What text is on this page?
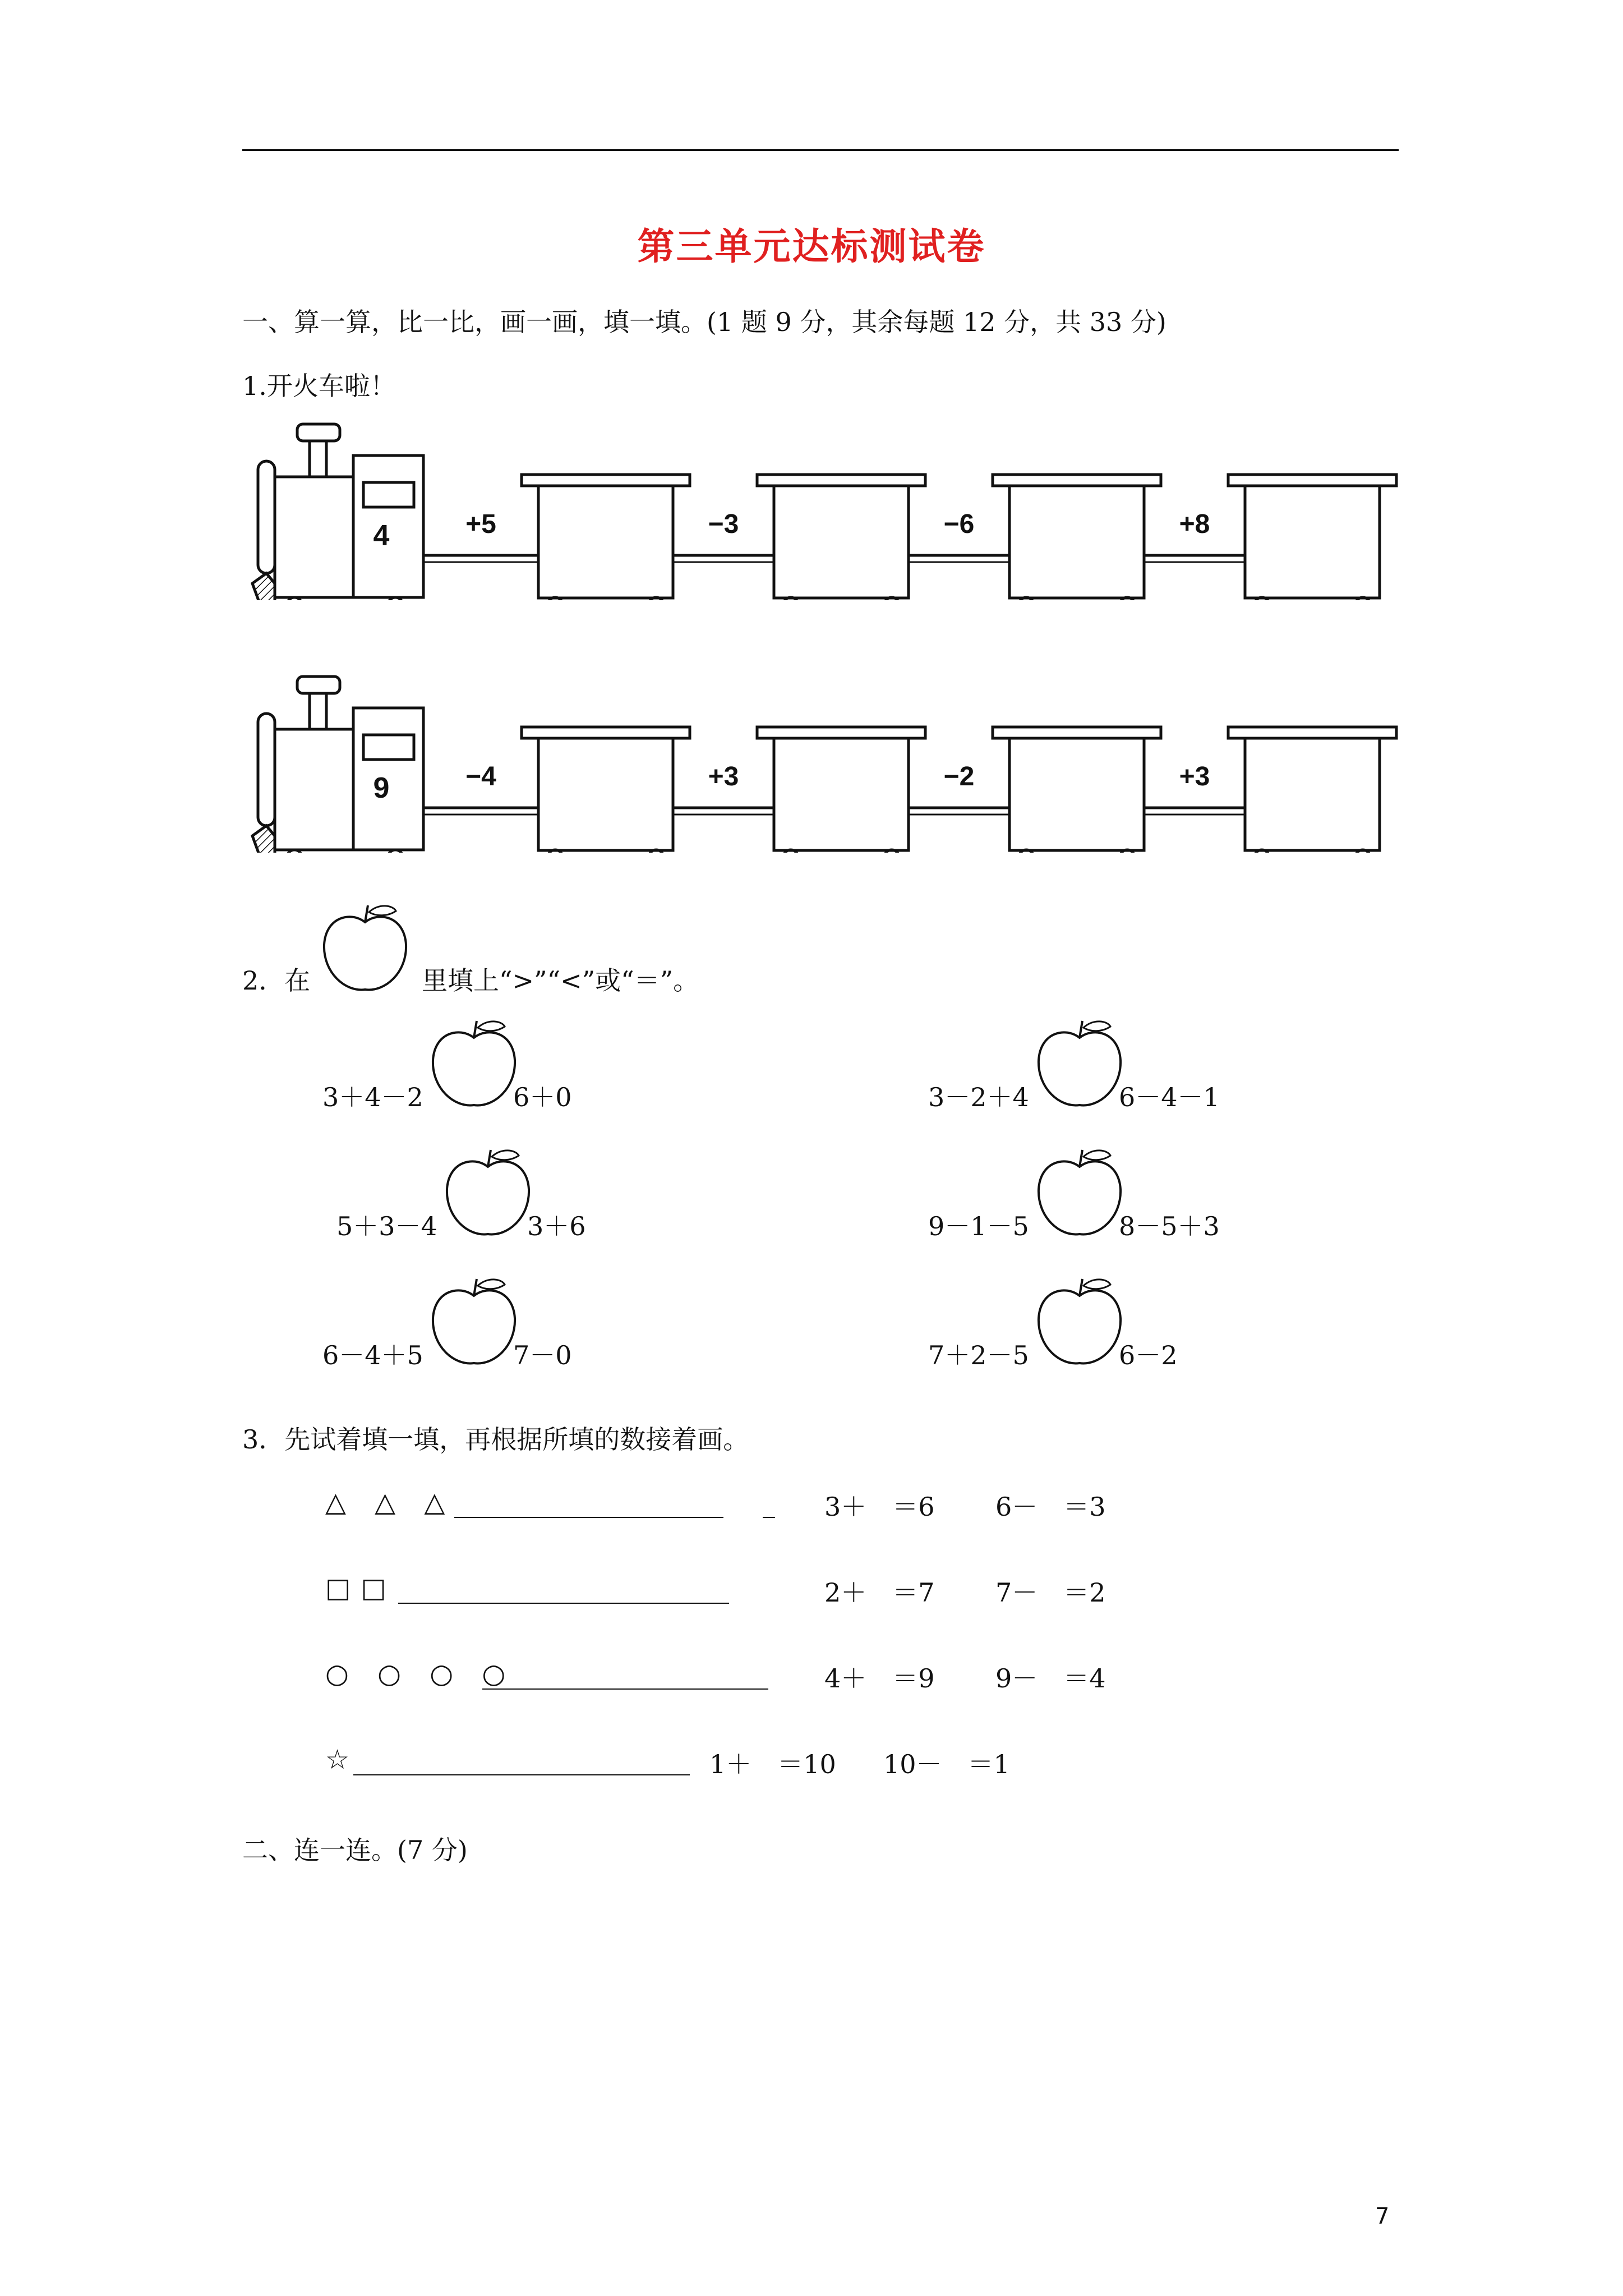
第三单元达标测试卷
一、算一算，比一比，画一画，填一填。(1 题 9 分，其余每题 12 分，共 33 分)
1.开火车啦！
4	+5	−3	−6	+8
9	−4	+3	−2	+3
2．在	里填上“>”“<”或“＝”。
3＋4－2	6＋0	3－2＋4	6－4－1
5＋3－4	3＋6	9－1－5	8－5＋3
6－4＋5	7－0	7＋2－5	6－2
3．先试着填一填，再根据所填的数接着画。
△ △ △	3＋　＝6 6－　＝3
□□	2＋　＝7 7－　＝2
○ ○ ○ ○	4＋　＝9 9－　＝4
☆	1＋　＝10 10－　＝1
二、连一连。(7 分)
7
